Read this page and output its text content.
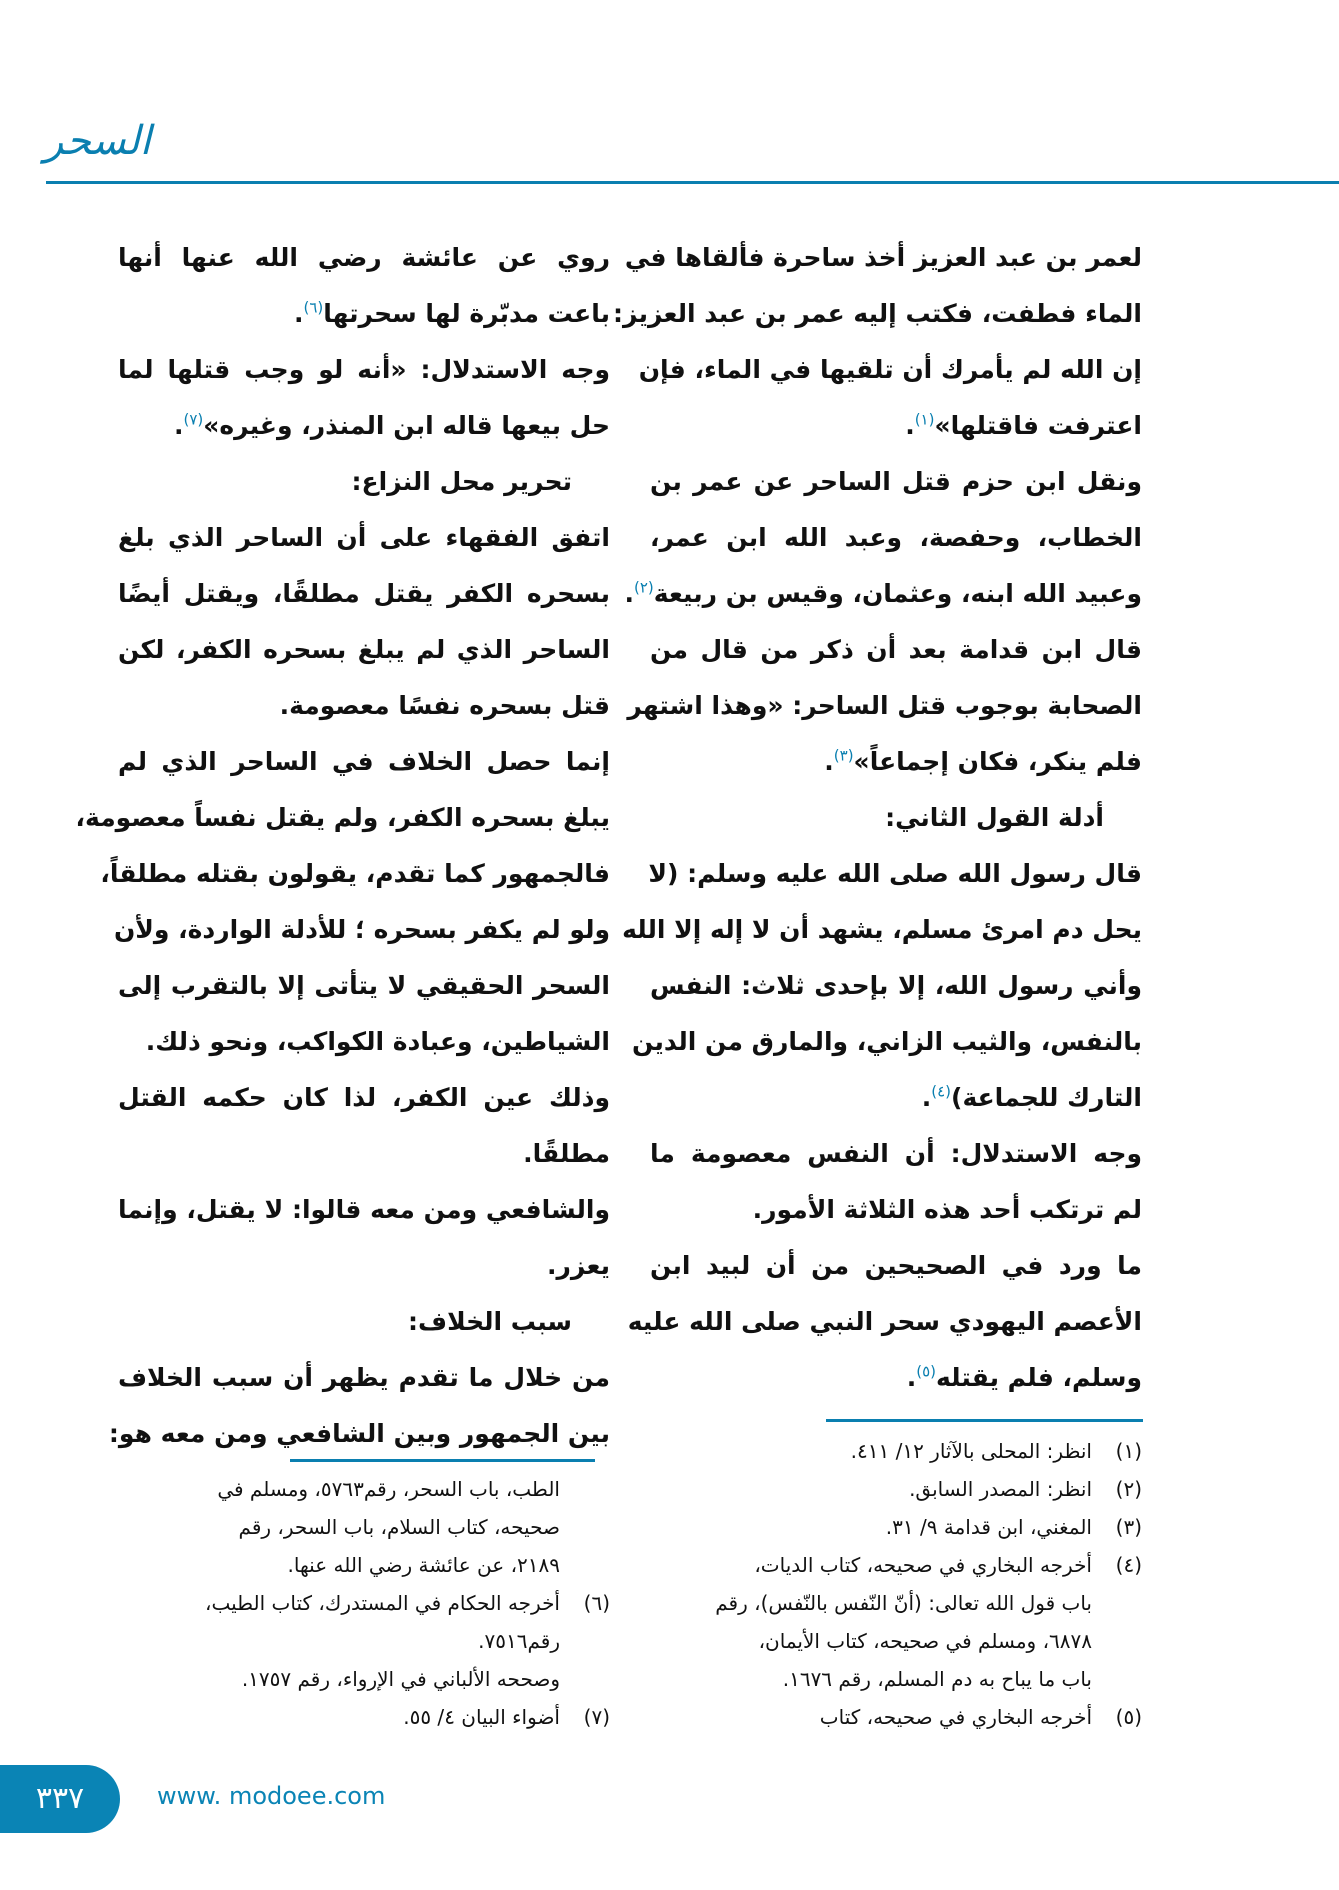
السحر
لعمر بن عبد العزيز أخذ ساحرة فألقاها في
الماء فطفت، فكتب إليه عمر بن عبد العزيز:
إن الله لم يأمرك أن تلقيها في الماء، فإن
اعترفت فاقتلها»$^{(١)}$.
ونقل ابن حزم قتل الساحر عن عمر بن
الخطاب، وحفصة، وعبد الله ابن عمر،
وعبيد الله ابنه، وعثمان، وقيس بن ربيعة$^{(٢)}$.
قال ابن قدامة بعد أن ذكر من قال من
الصحابة بوجوب قتل الساحر: «وهذا اشتهر
فلم ينكر، فكان إجماعاً»$^{(٣)}$.
أدلة القول الثاني:
قال رسول الله صلى الله عليه وسلم: (لا
يحل دم امرئ مسلم، يشهد أن لا إله إلا الله
وأني رسول الله، إلا بإحدى ثلاث: النفس
بالنفس، والثيب الزاني، والمارق من الدين
التارك للجماعة)$^{(٤)}$.
وجه الاستدلال: أن النفس معصومة ما
لم ترتكب أحد هذه الثلاثة الأمور.
ما ورد في الصحيحين من أن لبيد ابن
الأعصم اليهودي سحر النبي صلى الله عليه
وسلم، فلم يقتله$^{(٥)}$.
روي عن عائشة رضي الله عنها أنها
باعت مدبّرة لها سحرتها$^{(٦)}$.
وجه الاستدلال: «أنه لو وجب قتلها لما
حل بيعها قاله ابن المنذر، وغيره»$^{(٧)}$.
تحرير محل النزاع:
اتفق الفقهاء على أن الساحر الذي بلغ
بسحره الكفر يقتل مطلقًا، ويقتل أيضًا
الساحر الذي لم يبلغ بسحره الكفر، لكن
قتل بسحره نفسًا معصومة.
إنما حصل الخلاف في الساحر الذي لم
يبلغ بسحره الكفر، ولم يقتل نفساً معصومة،
فالجمهور كما تقدم، يقولون بقتله مطلقاً،
ولو لم يكفر بسحره ؛ للأدلة الواردة، ولأن
السحر الحقيقي لا يتأتى إلا بالتقرب إلى
الشياطين، وعبادة الكواكب، ونحو ذلك.
وذلك عين الكفر، لذا كان حكمه القتل
مطلقًا.
والشافعي ومن معه قالوا: لا يقتل، وإنما
يعزر.
سبب الخلاف:
من خلال ما تقدم يظهر أن سبب الخلاف
بين الجمهور وبين الشافعي ومن معه هو:
(١)
انظر: المحلى بالآثار ١٢/ ٤١١.
(٢)
انظر: المصدر السابق.
(٣)
المغني، ابن قدامة ٩/ ٣١.
(٤)
أخرجه البخاري في صحيحه، كتاب الديات،
باب قول الله تعالى: (أنّ النّفس بالنّفس)، رقم
٦٨٧٨، ومسلم في صحيحه، كتاب الأيمان،
باب ما يباح به دم المسلم، رقم ١٦٧٦.
(٥)
أخرجه البخاري في صحيحه، كتاب
الطب، باب السحر، رقم٥٧٦٣، ومسلم في
صحيحه، كتاب السلام، باب السحر، رقم
٢١٨٩، عن عائشة رضي الله عنها.
(٦)
أخرجه الحكام في المستدرك، كتاب الطيب،
رقم٧٥١٦.
وصححه الألباني في الإرواء، رقم ١٧٥٧.
(٧)
أضواء البيان ٤/ ٥٥.
٣٣٧	www. modoee.com
